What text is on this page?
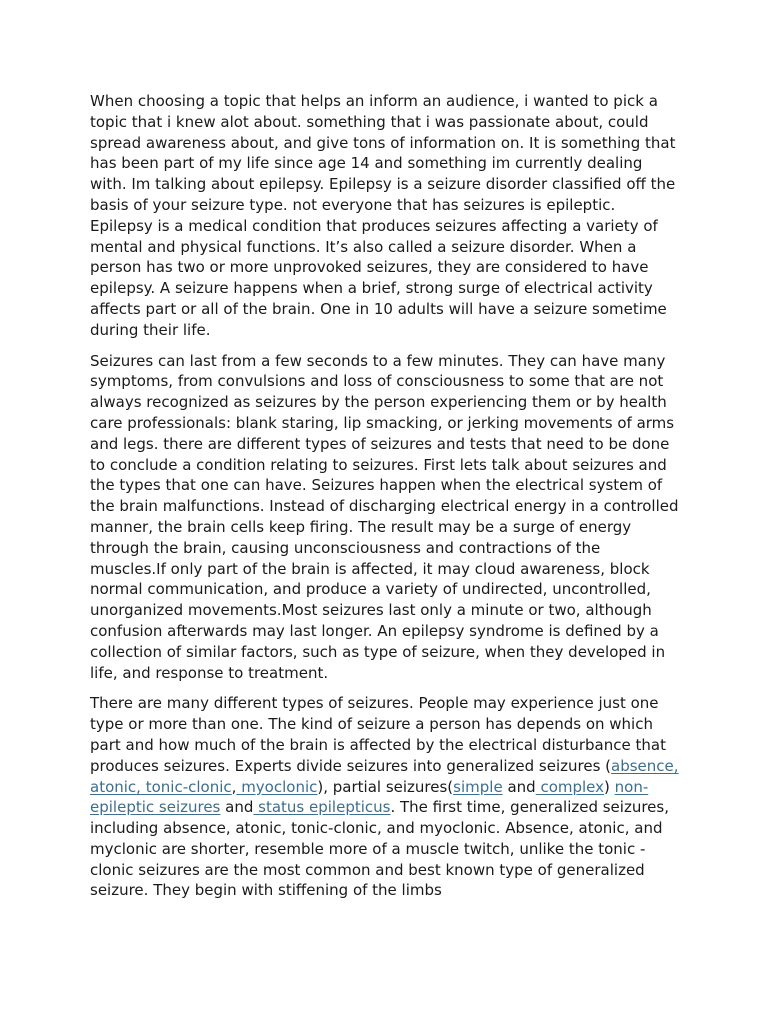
When choosing a topic that helps an inform an audience, i wanted to pick a topic that i knew alot about. something that i was passionate about, could spread awareness about, and give tons of information on. It is something that has been part of my life since age 14 and something im currently dealing with. Im talking about epilepsy. Epilepsy is a seizure disorder classified off the basis of your seizure type. not everyone that has seizures is epileptic. Epilepsy is a medical condition that produces seizures affecting a variety of mental and physical functions. It’s also called a seizure disorder. When a person has two or more unprovoked seizures, they are considered to have epilepsy. A seizure happens when a brief, strong surge of electrical activity affects part or all of the brain. One in 10 adults will have a seizure sometime during their life.

Seizures can last from a few seconds to a few minutes. They can have many symptoms, from convulsions and loss of consciousness to some that are not always recognized as seizures by the person experiencing them or by health care professionals: blank staring, lip smacking, or jerking movements of arms and legs. there are different types of seizures and tests that need to be done to conclude a condition relating to seizures. First lets talk about seizures and the types that one can have. Seizures happen when the electrical system of the brain malfunctions. Instead of discharging electrical energy in a controlled manner, the brain cells keep firing. The result may be a surge of energy through the brain, causing unconsciousness and contractions of the muscles.If only part of the brain is affected, it may cloud awareness, block normal communication, and produce a variety of undirected, uncontrolled, unorganized movements.Most seizures last only a minute or two, although confusion afterwards may last longer. An epilepsy syndrome is defined by a collection of similar factors, such as type of seizure, when they developed in life, and response to treatment.

There are many different types of seizures. People may experience just one type or more than one. The kind of seizure a person has depends on which part and how much of the brain is affected by the electrical disturbance that produces seizures. Experts divide seizures into generalized seizures (absence, atonic, tonic-clonic, myoclonic), partial seizures(simple and complex) non-epileptic seizures and status epilepticus. The first time, generalized seizures, including absence, atonic, tonic-clonic, and myoclonic. Absence, atonic, and myclonic are shorter, resemble more of a muscle twitch, unlike the tonic -clonic seizures are the most common and best known type of generalized seizure. They begin with stiffening of the limbs
